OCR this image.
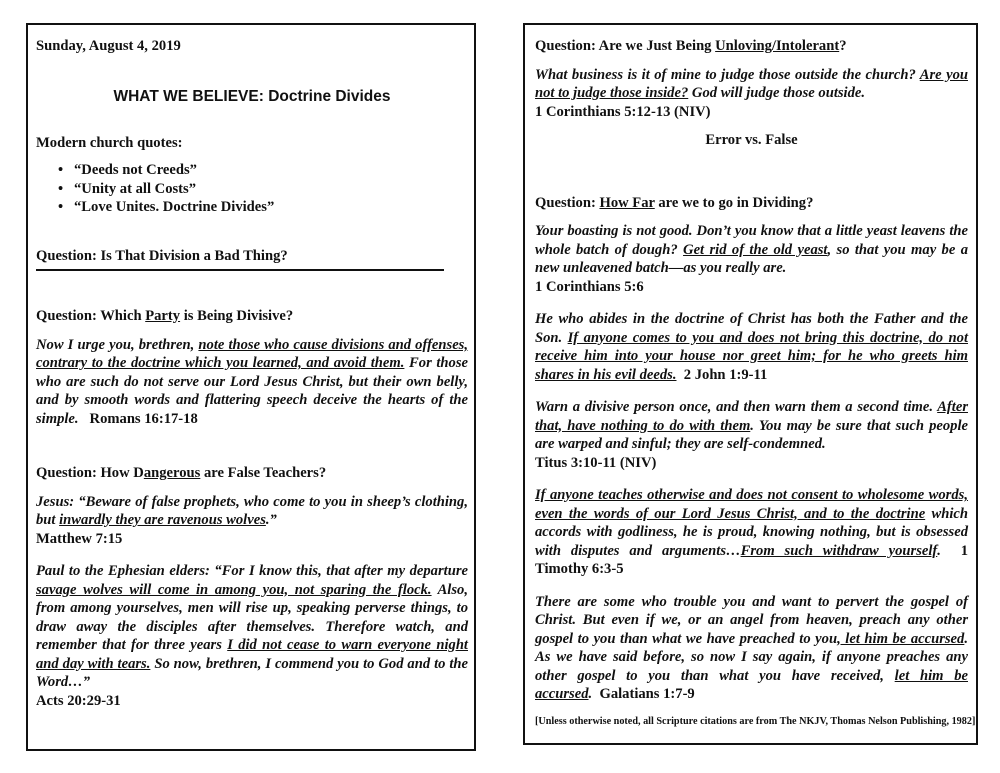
Sunday, August 4, 2019

WHAT WE BELIEVE: Doctrine Divides

Modern church quotes:

• “Deeds not Creeds”
• “Unity at all Costs”
• “Love Unites. Doctrine Divides”

Question: Is That Division a Bad Thing?

Question: Which Party is Being Divisive?

Now I urge you, brethren, note those who cause divisions and offenses, contrary to the doctrine which you learned, and avoid them. For those who are such do not serve our Lord Jesus Christ, but their own belly, and by smooth words and flattering speech deceive the hearts of the simple. Romans 16:17-18

Question: How Dangerous are False Teachers?

Jesus: “Beware of false prophets, who come to you in sheep’s clothing, but inwardly they are ravenous wolves.”

Matthew 7:15

Paul to the Ephesian elders: “For I know this, that after my departure savage wolves will come in among you, not sparing the flock. Also, from among yourselves, men will rise up, speaking perverse things, to draw away the disciples after themselves. Therefore watch, and remember that for three years I did not cease to warn everyone night and day with tears. So now, brethren, I commend you to God and to the Word…”

Acts 20:29-31

Question: Are we Just Being Unloving/Intolerant?

What business is it of mine to judge those outside the church? Are you not to judge those inside? God will judge those outside.

1 Corinthians 5:12-13 (NIV)

Error vs. False

Question: How Far are we to go in Dividing?

Your boasting is not good. Don’t you know that a little yeast leavens the whole batch of dough? Get rid of the old yeast, so that you may be a new unleavened batch—as you really are.

1 Corinthians 5:6

He who abides in the doctrine of Christ has both the Father and the Son. If anyone comes to you and does not bring this doctrine, do not receive him into your house nor greet him; for he who greets him shares in his evil deeds. 2 John 1:9-11

Warn a divisive person once, and then warn them a second time. After that, have nothing to do with them. You may be sure that such people are warped and sinful; they are self-condemned.

Titus 3:10-11 (NIV)

If anyone teaches otherwise and does not consent to wholesome words, even the words of our Lord Jesus Christ, and to the doctrine which accords with godliness, he is proud, knowing nothing, but is obsessed with disputes and arguments…From such withdraw yourself. 1 Timothy 6:3-5

There are some who trouble you and want to pervert the gospel of Christ. But even if we, or an angel from heaven, preach any other gospel to you than what we have preached to you, let him be accursed. As we have said before, so now I say again, if anyone preaches any other gospel to you than what you have received, let him be accursed. Galatians 1:7-9

[Unless otherwise noted, all Scripture citations are from The NKJV, Thomas Nelson Publishing, 1982]
